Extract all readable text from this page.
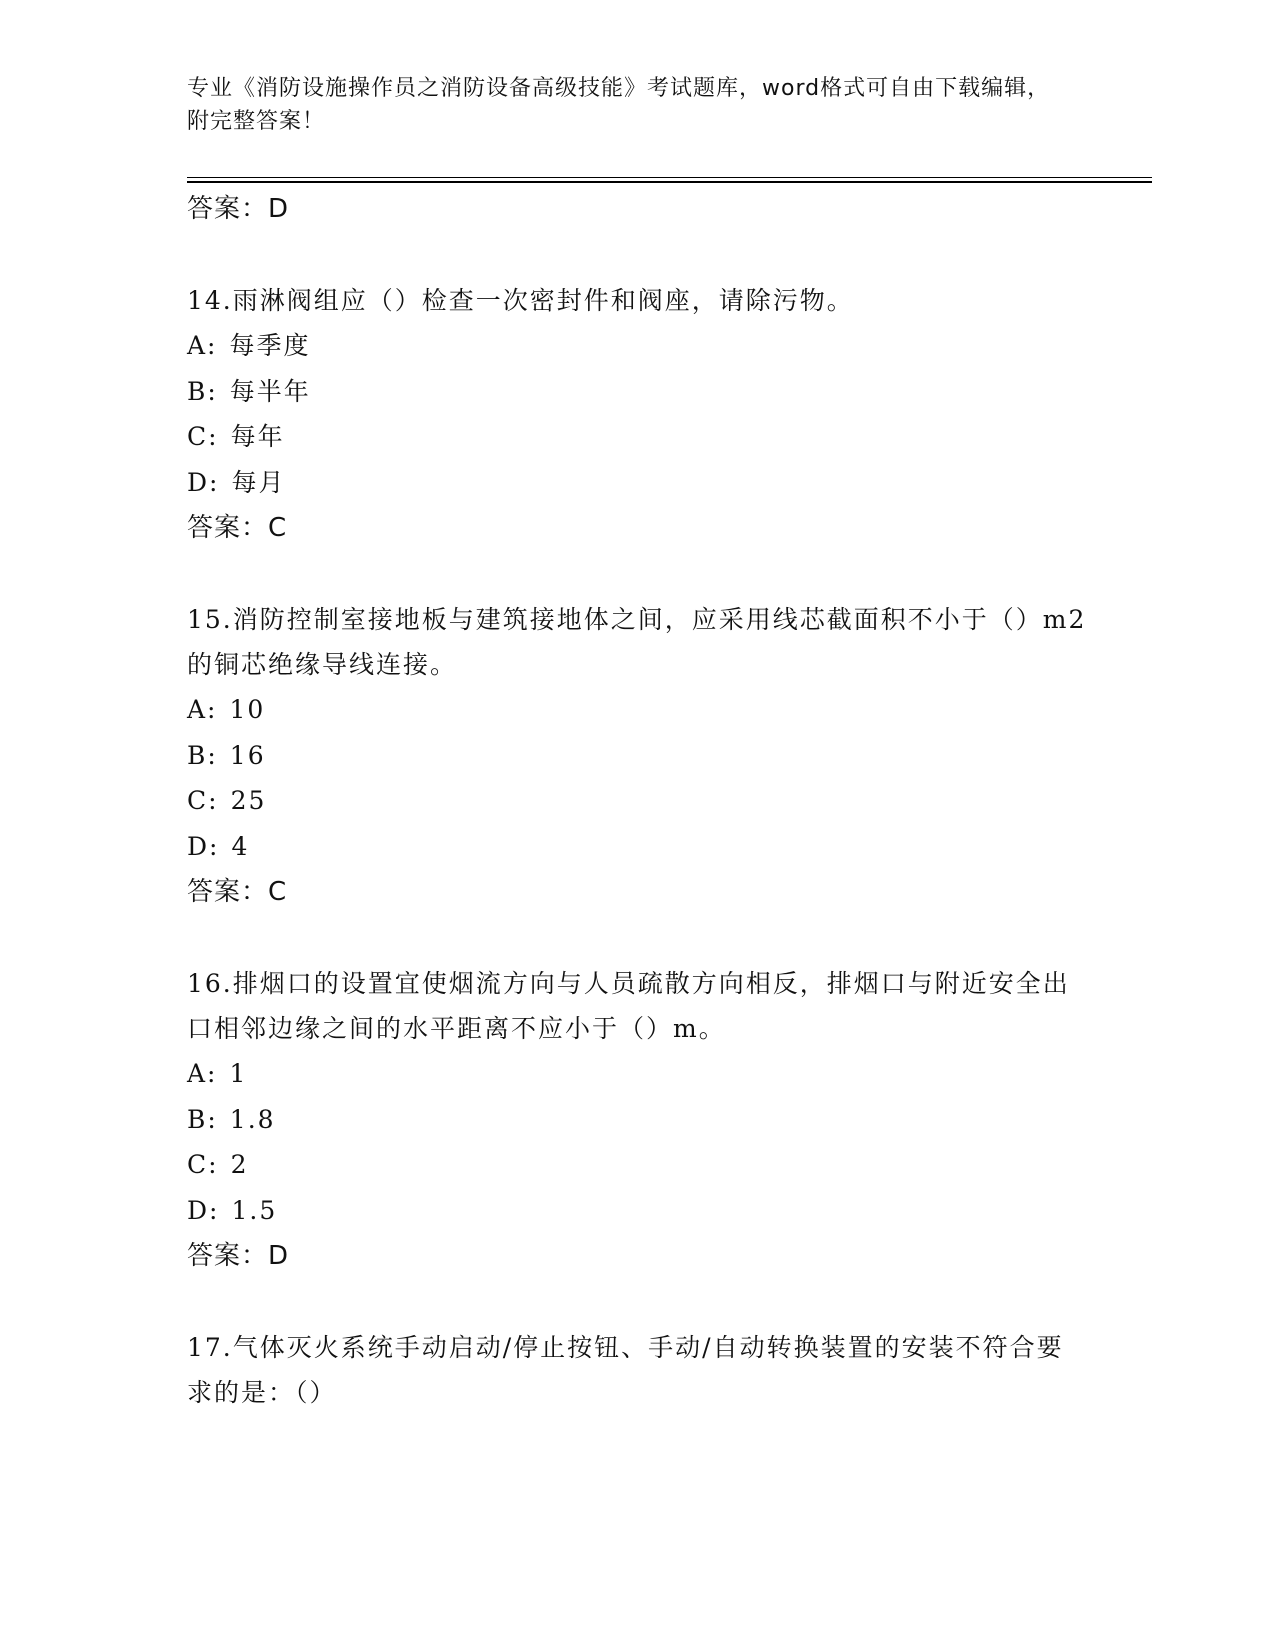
专业《消防设施操作员之消防设备高级技能》考试题库，word格式可自由下载编辑，附完整答案！
答案：D

14.雨淋阀组应（）检查一次密封件和阀座，请除污物。

A: 每季度
B: 每半年
C: 每年
D: 每月
答案：C

15.消防控制室接地板与建筑接地体之间，应采用线芯截面积不小于（）m2的铜芯绝缘导线连接。

A: 10
B: 16
C: 25
D: 4
答案：C

16.排烟口的设置宜使烟流方向与人员疏散方向相反，排烟口与附近安全出口相邻边缘之间的水平距离不应小于（）m。

A: 1
B: 1.8
C: 2
D: 1.5
答案：D

17.气体灭火系统手动启动/停止按钮、手动/自动转换装置的安装不符合要求的是：（）
